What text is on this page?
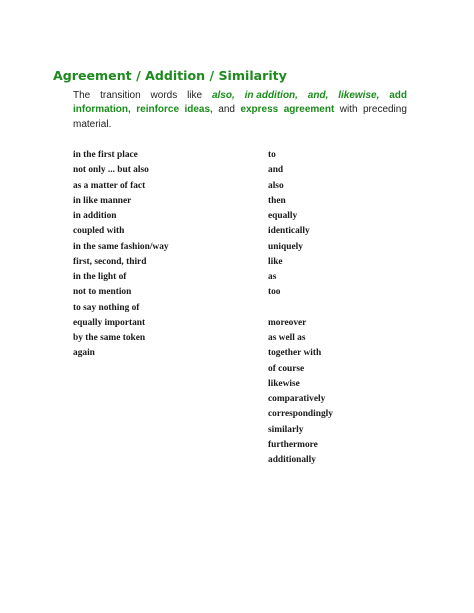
Agreement / Addition / Similarity
The transition words like also, in addition, and, likewise, add
information, reinforce ideas, and express agreement with preceding
material.
in the first place
not only ... but also
as a matter of fact
in like manner
in addition
coupled with
in the same fashion/way
first, second, third
in the light of
not to mention
to say nothing of
equally important
by the same token
again
to
and
also
then
equally
identically
uniquely
like
as
too
moreover
as well as
together with
of course
likewise
comparatively
correspondingly
similarly
furthermore
additionally
